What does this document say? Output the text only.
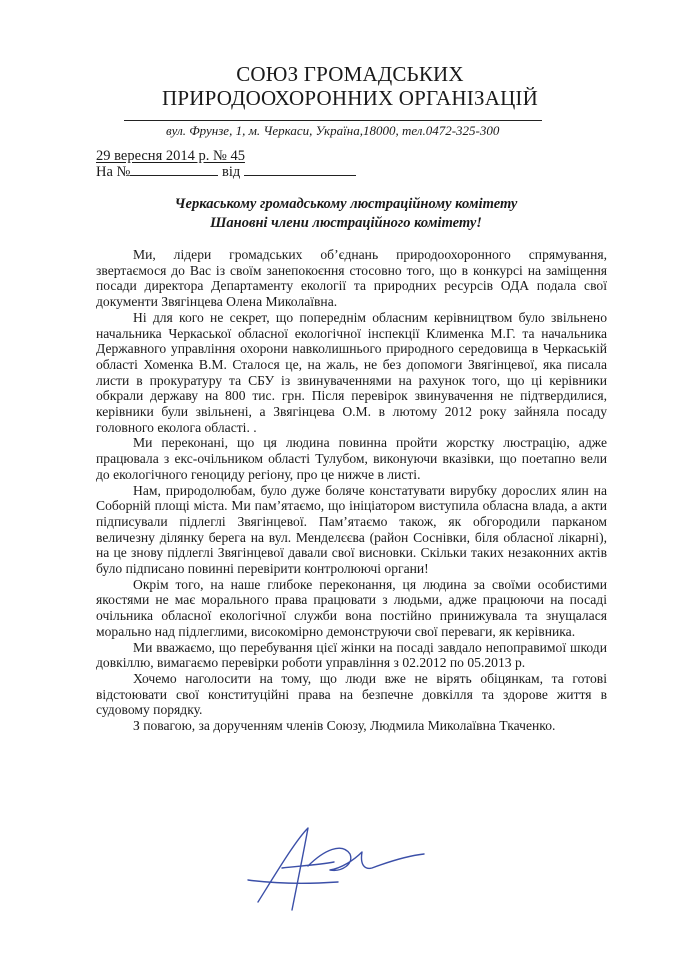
СОЮЗ ГРОМАДСЬКИХ
ПРИРОДООХОРОННИХ ОРГАНІЗАЦІЙ
вул. Фрунзе, 1, м. Черкаси, Україна,18000, тел.0472-325-300
29 вересня 2014 р. № 45
На №	від
Черкаському громадському люстраційному комітету
Шановні члени люстраційного комітету!

Ми, лідери громадських об’єднань природоохоронного спрямування, звертаємося до Вас із своїм занепокоєння стосовно того, що в конкурсі на заміщення посади директора Департаменту екології та природних ресурсів ОДА подала свої документи Звягінцева Олена Миколаївна.

Ні для кого не секрет, що попереднім обласним керівництвом було звільнено начальника Черкаської обласної екологічної інспекції Клименка М.Г. та начальника Державного управління охорони навколишнього природного середовища в Черкаській області Хоменка В.М. Сталося це, на жаль, не без допомоги Звягінцевої, яка писала листи в прокуратуру та СБУ із звинуваченнями на рахунок того, що ці керівники обкрали державу на 800 тис. грн. Після перевірок звинувачення не підтвердилися, керівники були звільнені, а Звягінцева О.М. в лютому 2012 року зайняла посаду головного еколога області. .

Ми переконані, що ця людина повинна пройти жорстку люстрацію, адже працювала з екс-очільником області Тулубом, виконуючи вказівки, що поетапно вели до екологічного геноциду регіону, про це нижче в листі.

Нам, природолюбам, було дуже боляче констатувати вирубку дорослих ялин на Соборній площі міста. Ми пам’ятаємо, що ініціатором виступила обласна влада, а акти підписували підлеглі Звягінцевої. Пам’ятаємо також, як обгородили парканом величезну ділянку берега на вул. Менделєєва (район Соснівки, біля обласної лікарні), на це знову підлеглі Звягінцевої давали свої висновки. Скільки таких незаконних актів було підписано повинні перевірити контролюючі органи!

Окрім того, на наше глибоке переконання, ця людина за своїми особистими якостями не має морального права працювати з людьми, адже працюючи на посаді очільника обласної екологічної служби вона постійно принижувала та знущалася морально над підлеглими, високомірно демонструючи свої переваги, як керівника.

Ми вважаємо, що перебування цієї жінки на посаді завдало непоправимої шкоди довкіллю, вимагаємо перевірки роботи управління з 02.2012 по 05.2013 р.

Хочемо наголосити на тому, що люди вже не вірять обіцянкам, та готові відстоювати свої конституційні права на безпечне довкілля та здорове життя в судовому порядку.

З повагою, за дорученням членів Союзу, Людмила Миколаївна Ткаченко.
